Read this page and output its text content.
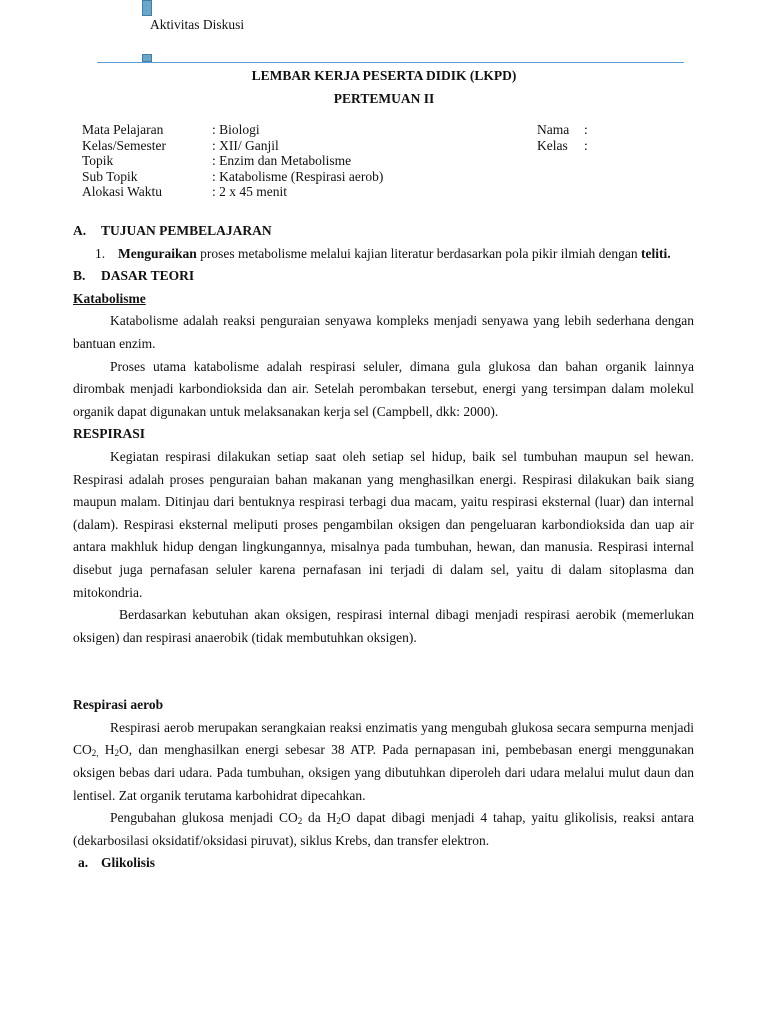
Aktivitas Diskusi
LEMBAR KERJA PESERTA DIDIK (LKPD)
PERTEMUAN II
Mata Pelajaran	: Biologi
Kelas/Semester	: XII/ Ganjil
Topik	: Enzim dan Metabolisme
Sub Topik	: Katabolisme (Respirasi aerob)
Alokasi Waktu	: 2 x 45 menit
Nama	:
Kelas	:
A.	TUJUAN PEMBELAJARAN
1. Menguraikan proses metabolisme melalui kajian literatur berdasarkan pola pikir ilmiah dengan teliti.
B.	DASAR TEORI
Katabolisme

Katabolisme adalah reaksi penguraian senyawa kompleks menjadi senyawa yang lebih sederhana dengan bantuan enzim.

Proses utama katabolisme adalah respirasi seluler, dimana gula glukosa dan bahan organik lainnya dirombak menjadi karbondioksida dan air. Setelah perombakan tersebut, energi yang tersimpan dalam molekul organik dapat digunakan untuk melaksanakan kerja sel (Campbell, dkk: 2000).

RESPIRASI

Kegiatan respirasi dilakukan setiap saat oleh setiap sel hidup, baik sel tumbuhan maupun sel hewan. Respirasi adalah proses penguraian bahan makanan yang menghasilkan energi. Respirasi dilakukan baik siang maupun malam. Ditinjau dari bentuknya respirasi terbagi dua macam, yaitu respirasi eksternal (luar) dan internal (dalam). Respirasi eksternal meliputi proses pengambilan oksigen dan pengeluaran karbondioksida dan uap air antara makhluk hidup dengan lingkungannya, misalnya pada tumbuhan, hewan, dan manusia. Respirasi internal disebut juga pernafasan seluler karena pernafasan ini terjadi di dalam sel, yaitu di dalam sitoplasma dan mitokondria.

Berdasarkan kebutuhan akan oksigen, respirasi internal dibagi menjadi respirasi aerobik (memerlukan oksigen) dan respirasi anaerobik (tidak membutuhkan oksigen).

Respirasi aerob

Respirasi aerob merupakan serangkaian reaksi enzimatis yang mengubah glukosa secara sempurna menjadi $CO_{2,}$ $H_2O$, dan menghasilkan energi sebesar 38 ATP. Pada pernapasan ini, pembebasan energi menggunakan oksigen bebas dari udara. Pada tumbuhan, oksigen yang dibutuhkan diperoleh dari udara melalui mulut daun dan lentisel. Zat organik terutama karbohidrat dipecahkan.

Pengubahan glukosa menjadi $CO_2$ da $H_2O$ dapat dibagi menjadi 4 tahap, yaitu glikolisis, reaksi antara (dekarbosilasi oksidatif/oksidasi piruvat), siklus Krebs, dan transfer elektron.

a. Glikolisis
